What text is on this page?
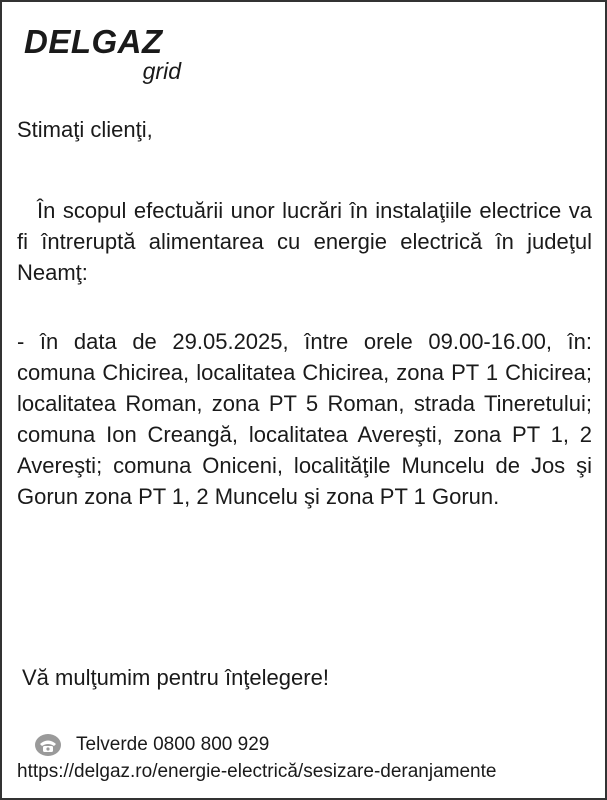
DELGAZ
grid
Stimaţi clienţi,
În scopul efectuării unor lucrări în instalaţiile electrice va fi întreruptă alimentarea cu energie electrică în judeţul Neamţ:
- în data de 29.05.2025, între orele 09.00-16.00, în: comuna Chicirea, localitatea Chicirea, zona PT 1 Chicirea; localitatea Roman, zona PT 5 Roman, strada Tineretului; comuna Ion Creangă, localitatea Avereşti, zona PT 1, 2 Avereşti; comuna Oniceni, localităţile Muncelu de Jos şi Gorun zona PT 1, 2 Muncelu şi zona PT 1 Gorun.
Vă mulţumim pentru înţelegere!
Telverde 0800 800 929
https://delgaz.ro/energie-electrică/sesizare-deranjamente
